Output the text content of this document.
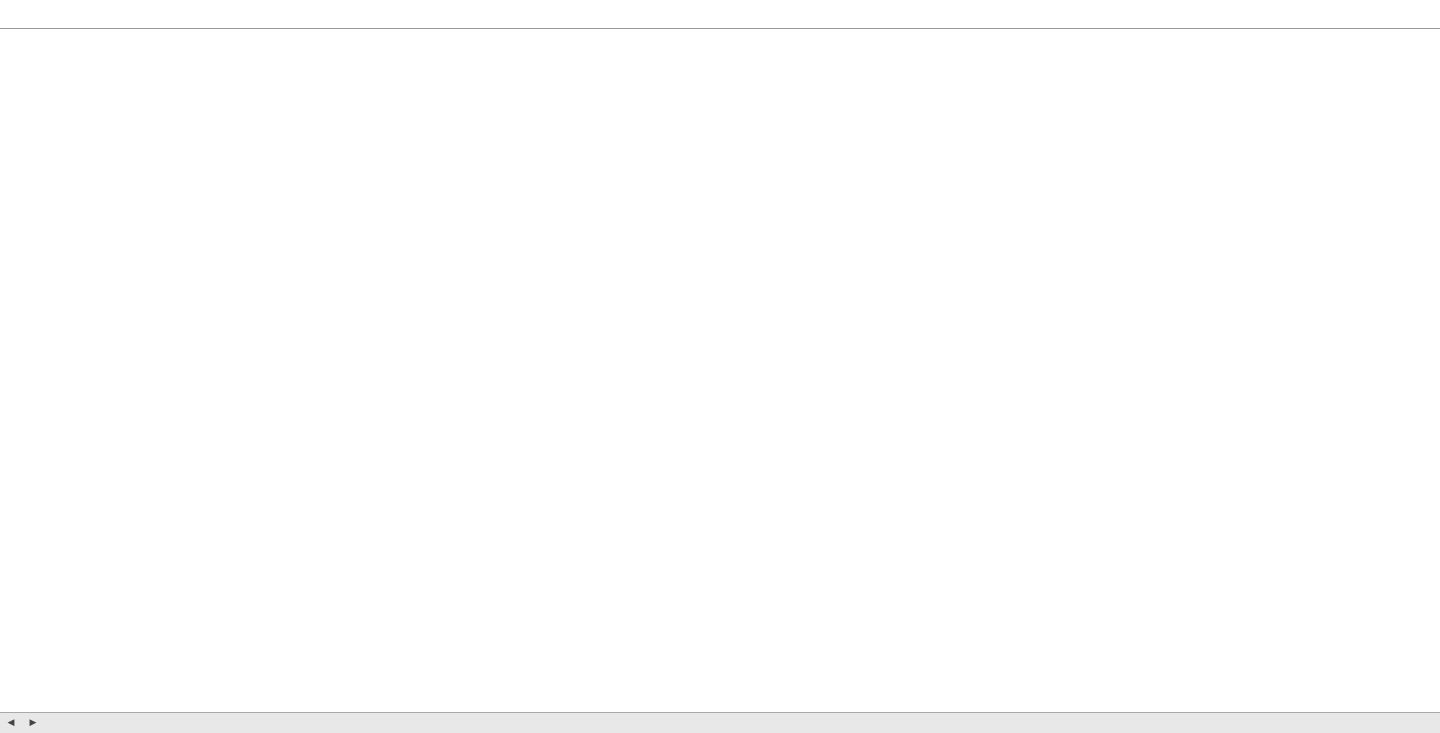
◀	▶
